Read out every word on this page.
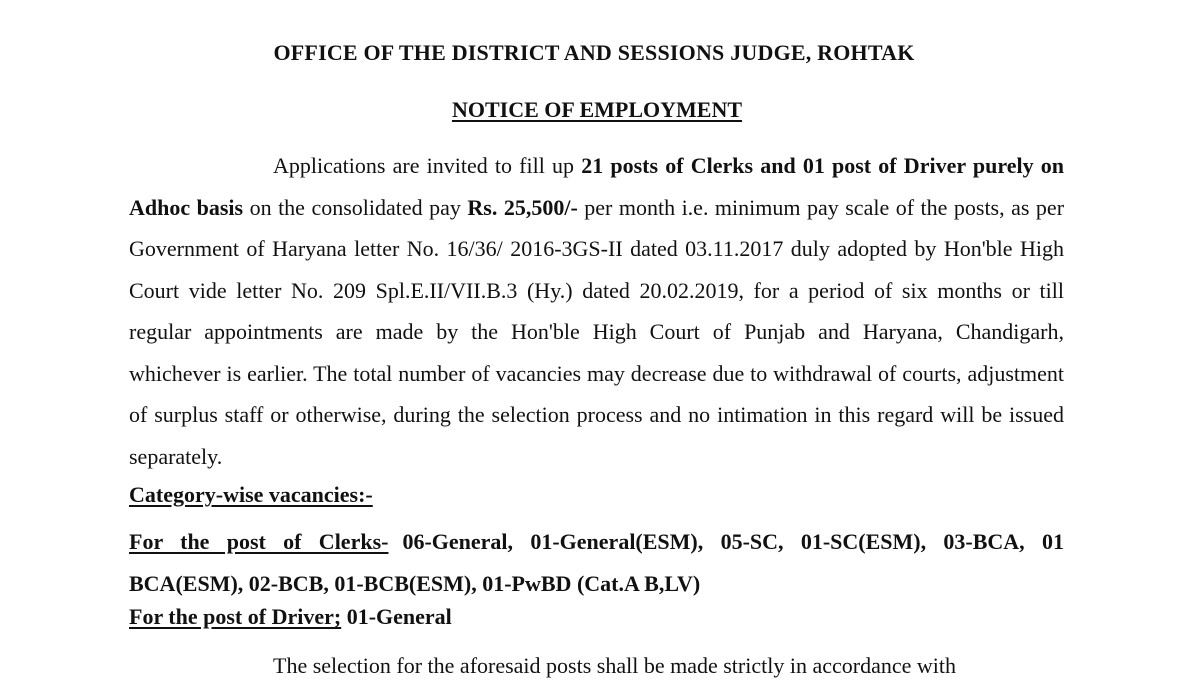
OFFICE OF THE DISTRICT AND SESSIONS JUDGE, ROHTAK
NOTICE OF EMPLOYMENT
Applications are invited to fill up 21 posts of Clerks and 01 post of Driver purely on Adhoc basis on the consolidated pay Rs. 25,500/- per month i.e. minimum pay scale of the posts, as per Government of Haryana letter No. 16/36/ 2016-3GS-II dated 03.11.2017 duly adopted by Hon'ble High Court vide letter No. 209 Spl.E.II/VII.B.3 (Hy.) dated 20.02.2019, for a period of six months or till regular appointments are made by the Hon'ble High Court of Punjab and Haryana, Chandigarh, whichever is earlier. The total number of vacancies may decrease due to withdrawal of courts, adjustment of surplus staff or otherwise, during the selection process and no intimation in this regard will be issued separately.
Category-wise vacancies:-
For the post of Clerks- 06-General, 01-General(ESM), 05-SC, 01-SC(ESM), 03-BCA, 01 BCA(ESM), 02-BCB, 01-BCB(ESM), 01-PwBD (Cat.A B,LV)
For the post of Driver; 01-General
The selection for the aforesaid posts shall be made strictly in accordance with
